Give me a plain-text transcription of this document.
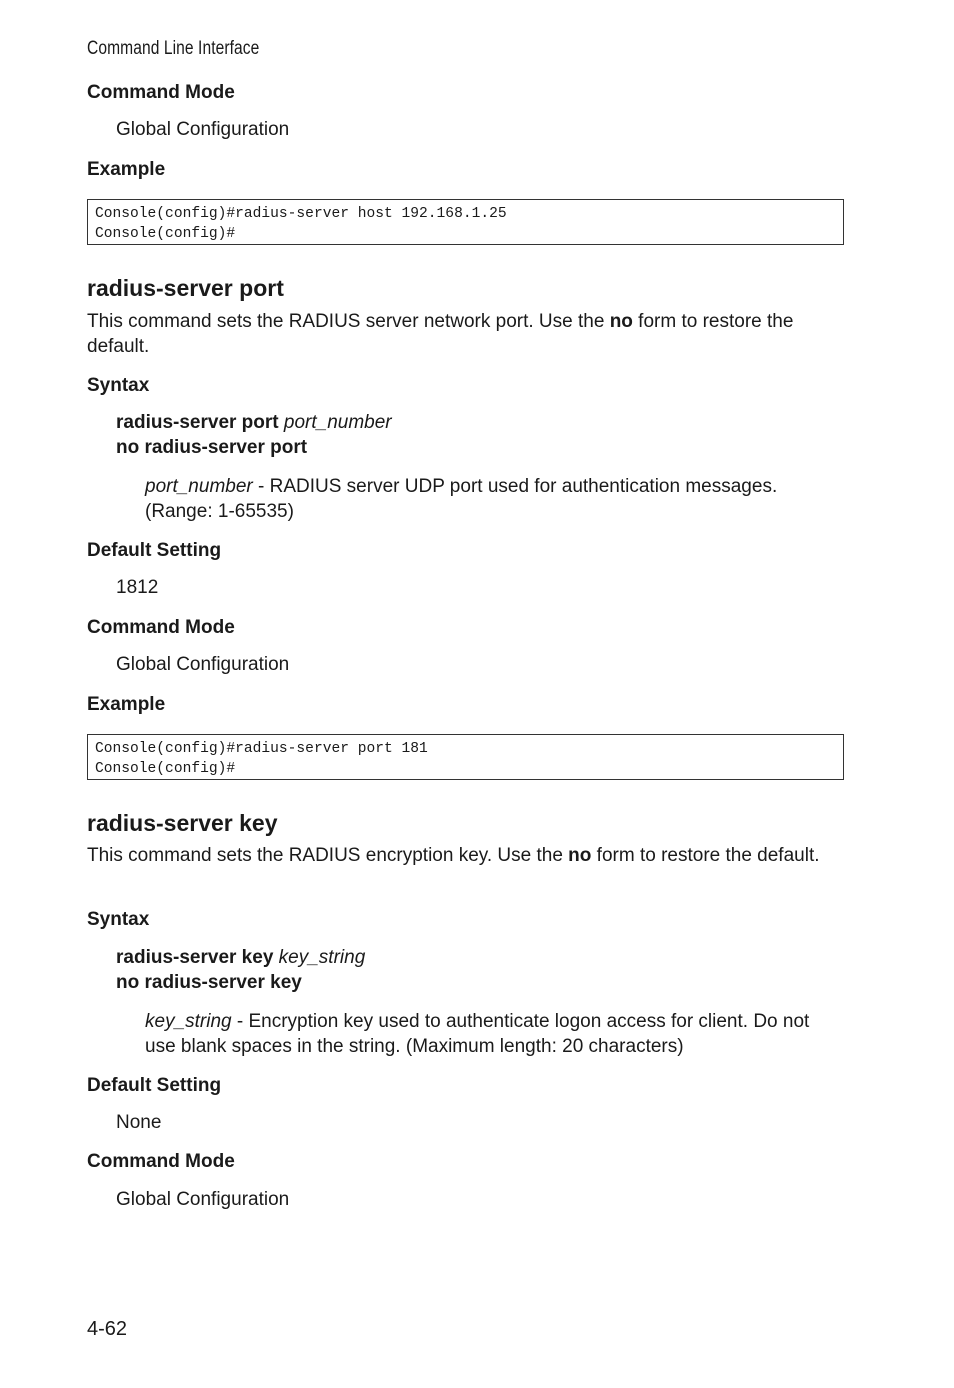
Command Line Interface
Command Mode
Global Configuration
Example
Console(config)#radius-server host 192.168.1.25
Console(config)#
radius-server port
This command sets the RADIUS server network port. Use the no form to restore the default.
Syntax
radius-server port port_number
no radius-server port
port_number - RADIUS server UDP port used for authentication messages. (Range: 1-65535)
Default Setting
1812
Command Mode
Global Configuration
Example
Console(config)#radius-server port 181
Console(config)#
radius-server key
This command sets the RADIUS encryption key. Use the no form to restore the default.
Syntax
radius-server key key_string
no radius-server key
key_string - Encryption key used to authenticate logon access for client. Do not use blank spaces in the string. (Maximum length: 20 characters)
Default Setting
None
Command Mode
Global Configuration
4-62
